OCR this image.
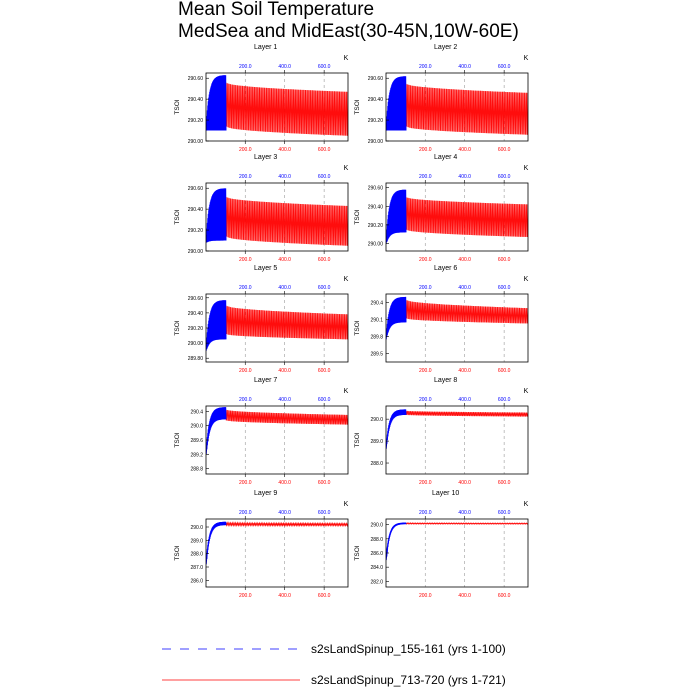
Mean Soil Temperature
MedSea and MidEast(30-45N,10W-60E)
Layer 1
K
200.0
200.0
400.0
400.0
600.0
600.0
290.60
290.40
290.20
290.00
TSOI
Layer 2
K
200.0
200.0
400.0
400.0
600.0
600.0
290.60
290.40
290.20
290.00
TSOI
Layer 3
K
200.0
200.0
400.0
400.0
600.0
600.0
290.60
290.40
290.20
290.00
TSOI
Layer 4
K
200.0
200.0
400.0
400.0
600.0
600.0
290.60
290.40
290.20
290.00
TSOI
Layer 5
K
200.0
200.0
400.0
400.0
600.0
600.0
290.60
290.40
290.20
290.00
289.80
TSOI
Layer 6
K
200.0
200.0
400.0
400.0
600.0
600.0
290.4
290.1
289.8
289.5
TSOI
Layer 7
K
200.0
200.0
400.0
400.0
600.0
600.0
290.4
290.0
289.6
289.2
288.8
TSOI
Layer 8
K
200.0
200.0
400.0
400.0
600.0
600.0
290.0
289.0
288.0
TSOI
Layer 9
K
200.0
200.0
400.0
400.0
600.0
600.0
290.0
289.0
288.0
287.0
286.0
TSOI
Layer 10
K
200.0
200.0
400.0
400.0
600.0
600.0
290.0
288.0
286.0
284.0
282.0
TSOI
s2sLandSpinup_155-161 (yrs 1-100)
s2sLandSpinup_713-720 (yrs 1-721)
